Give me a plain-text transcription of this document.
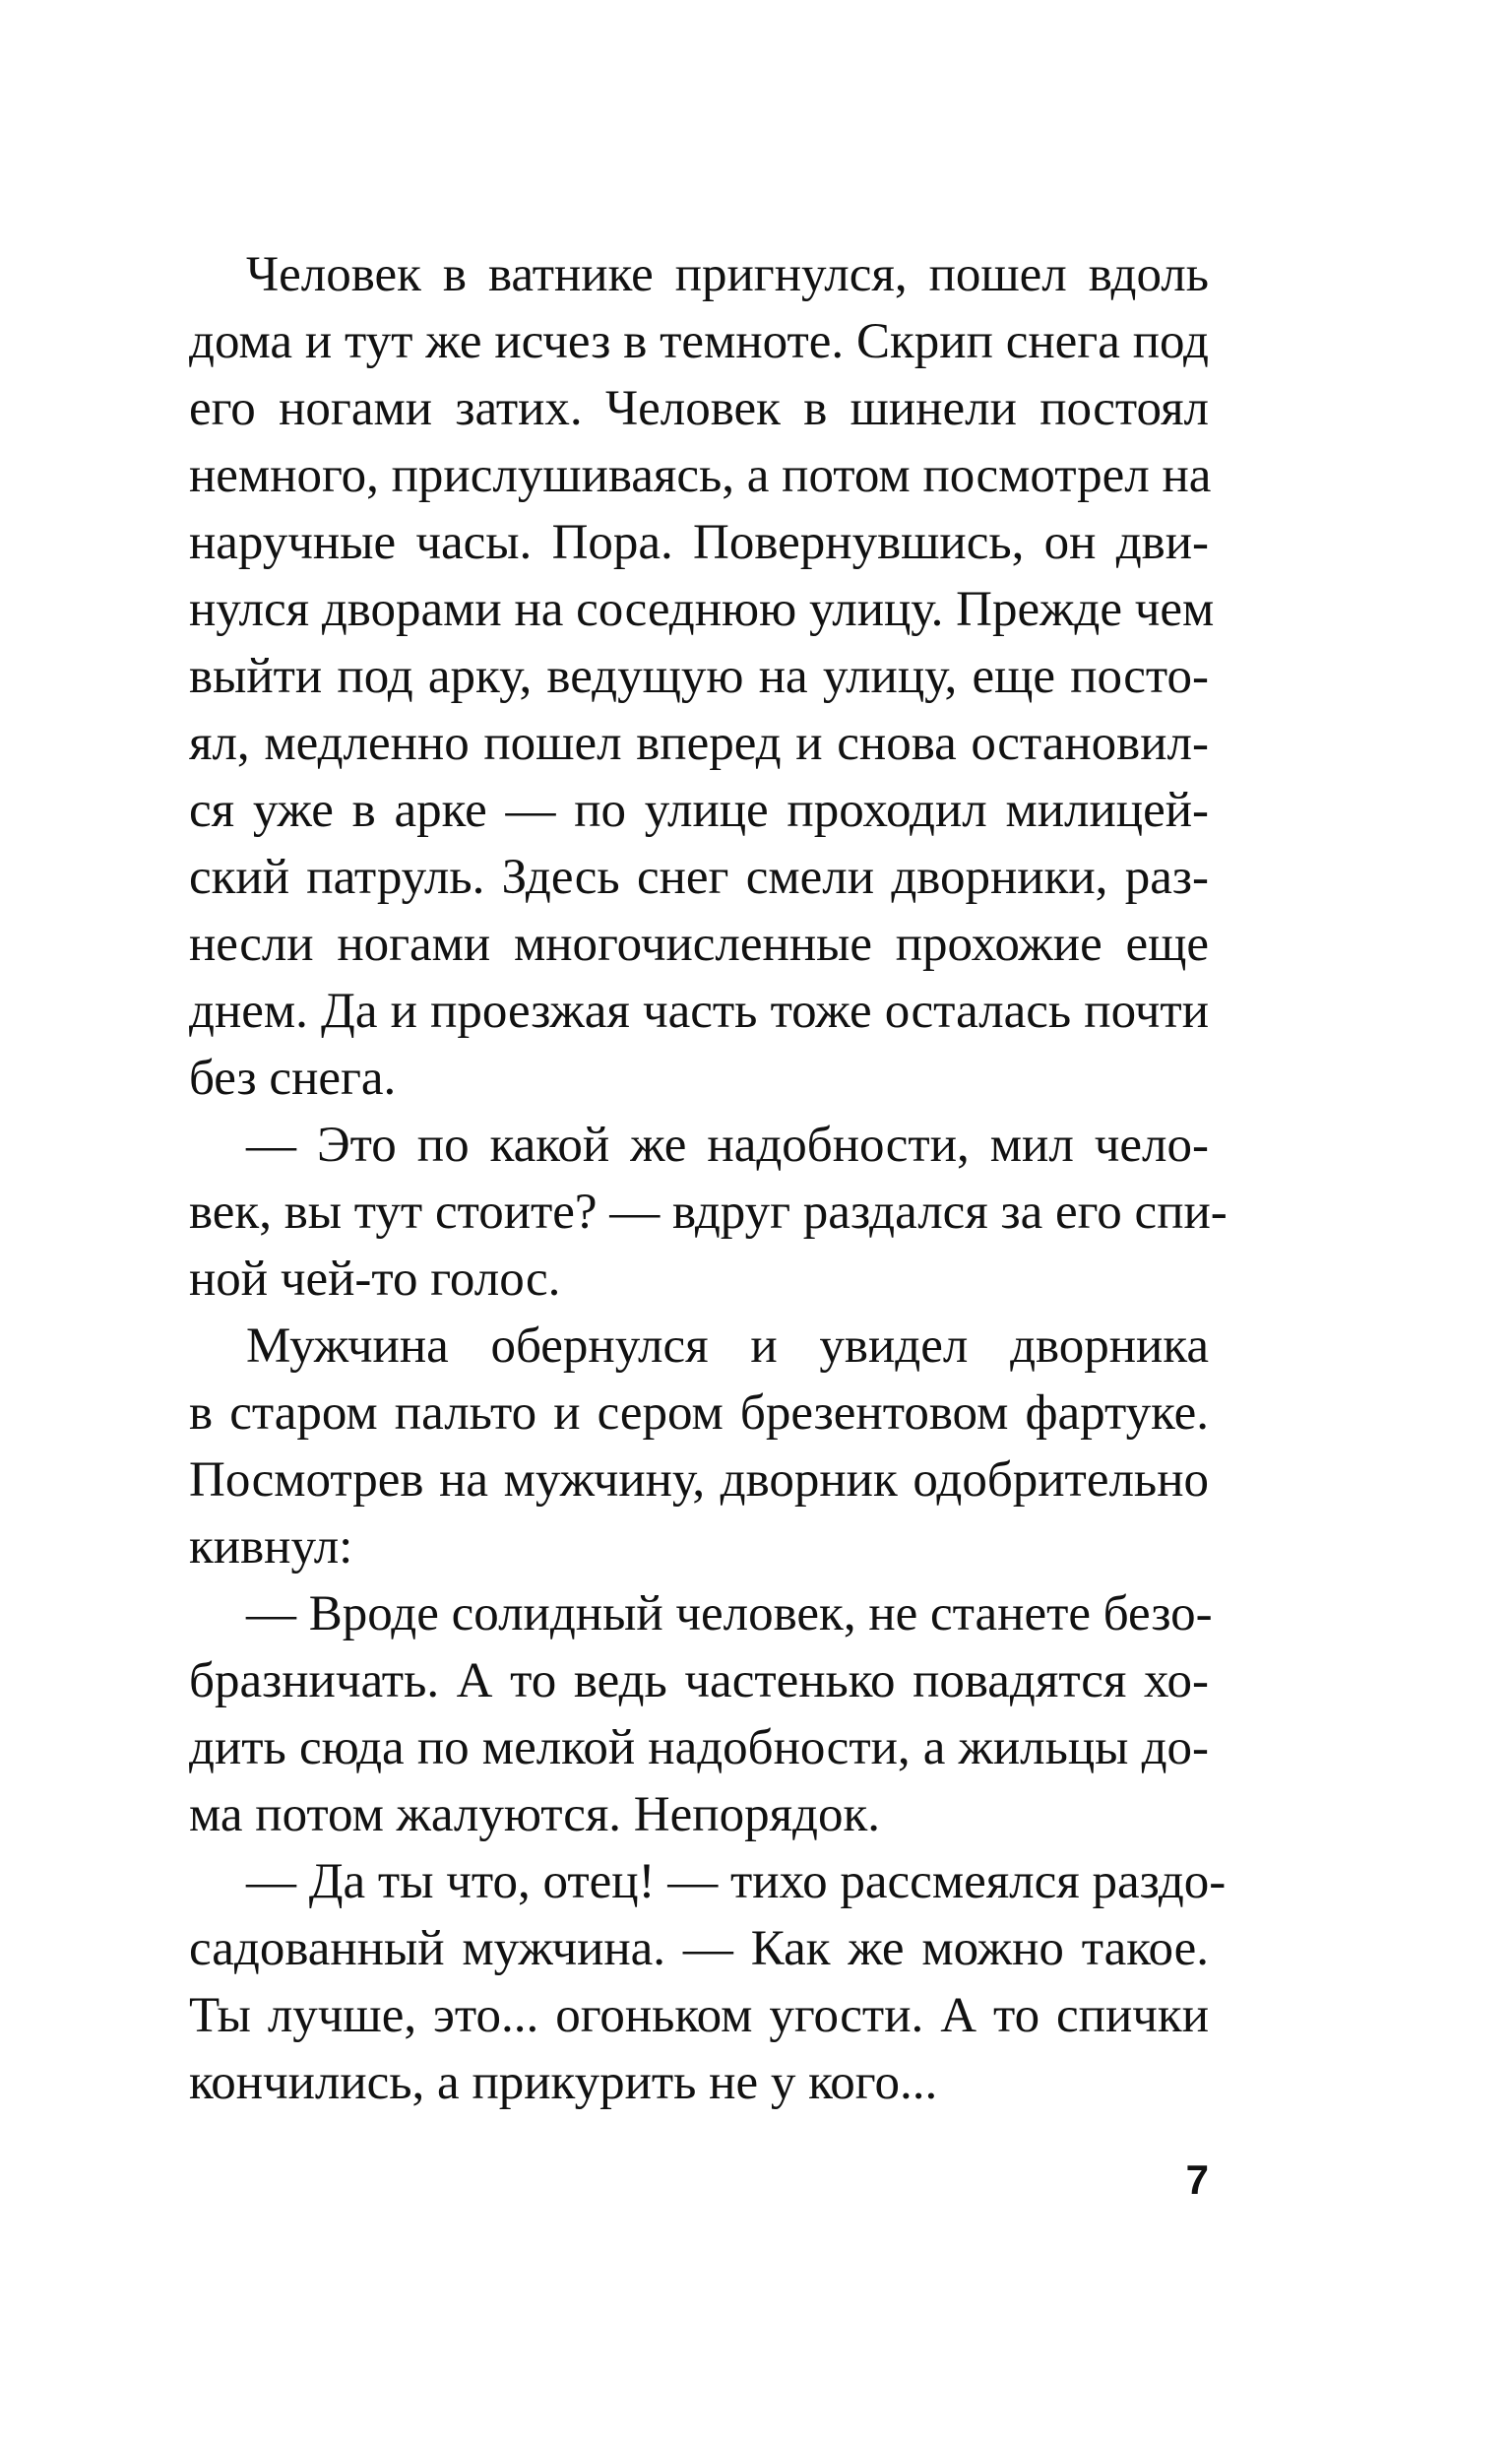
Человек в ватнике пригнулся, пошел вдоль
дома и тут же исчез в темноте. Скрип снега под
его ногами затих. Человек в шинели постоял
немного, прислушиваясь, а потом посмотрел на
наручные часы. Пора. Повернувшись, он дви-
нулся дворами на соседнюю улицу. Прежде чем
выйти под арку, ведущую на улицу, еще посто-
ял, медленно пошел вперед и снова остановил-
ся уже в арке — по улице проходил милицей-
ский патруль. Здесь снег смели дворники, раз-
несли ногами многочисленные прохожие еще
днем. Да и проезжая часть тоже осталась почти
без снега.
— Это по какой же надобности, мил чело-
век, вы тут стоите? — вдруг раздался за его спи-
ной чей-то голос.
Мужчина обернулся и увидел дворника
в старом пальто и сером брезентовом фартуке.
Посмотрев на мужчину, дворник одобрительно
кивнул:
— Вроде солидный человек, не станете безо-
бразничать. А то ведь частенько повадятся хо-
дить сюда по мелкой надобности, а жильцы до-
ма потом жалуются. Непорядок.
— Да ты что, отец! — тихо рассмеялся раздо-
садованный мужчина. — Как же можно такое.
Ты лучше, это... огоньком угости. А то спички
кончились, а прикурить не у кого...
7
